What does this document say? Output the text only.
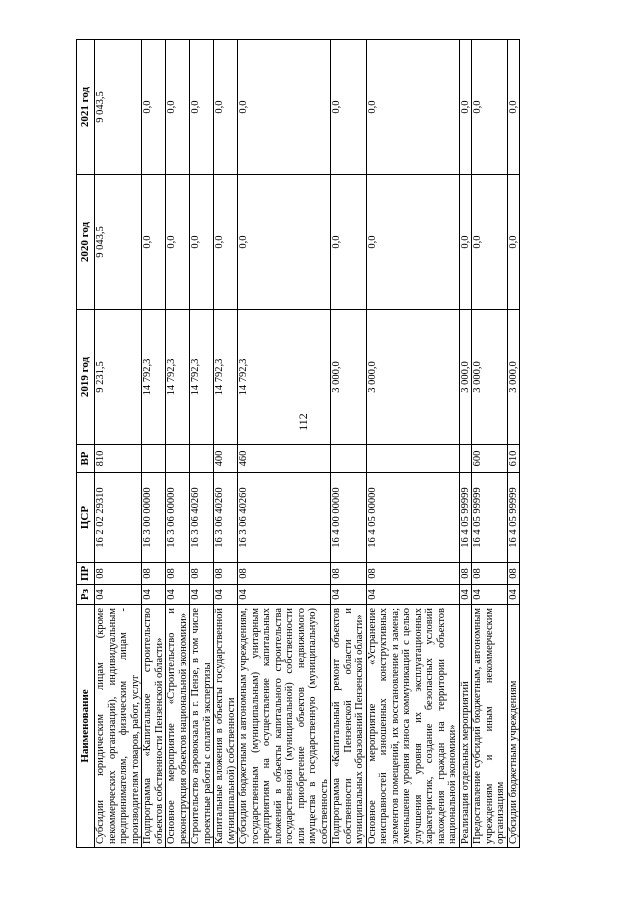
112
Наименование	Рз	ПР	ЦСР	ВР	2019 год	2020 год	2021 год
Субсидии юридическим лицам (кроме некоммерческих организаций), индивидуальным предпринимателям, физическим лицам - производителям товаров, работ, услуг	04	08	16 2 02 29310	810	9 231,5	9 043,5	9 043,5
Подпрограмма «Капитальное строительство объектов собственности Пензенской области»	04	08	16 3 00 00000		14 792,3	0,0	0,0
Основное мероприятие «Строительство и реконструкция объектов национальной экономики»	04	08	16 3 06 00000		14 792,3	0,0	0,0
Строительство аэровокзала в г. Пензе, в том числе проектные работы с оплатой экспертизы	04	08	16 3 06 40260		14 792,3	0,0	0,0
Капитальные вложения в объекты государственной (муниципальной) собственности	04	08	16 3 06 40260	400	14 792,3	0,0	0,0
Субсидии бюджетным и автономным учреждениям, государственным (муниципальным) унитарным предприятиям на осуществление капитальных вложений в объекты капитального строительства государственной (муниципальной) собственности или приобретение объектов недвижимого имущества в государственную (муниципальную) собственность	04	08	16 3 06 40260	460	14 792,3	0,0	0,0
Подпрограмма «Капитальный ремонт объектов собственности Пензенской области и муниципальных образований Пензенской области»	04	08	16 4 00 00000		3 000,0	0,0	0,0
Основное мероприятие «Устранение неисправностей изношенных конструктивных элементов помещений, их восстановление и замена; уменьшение уровня износа коммуникаций с целью улучшения уровня их эксплуатационных характеристик, создание безопасных условий нахождения граждан на территории объектов национальной экономики»	04	08	16 4 05 00000		3 000,0	0,0	0,0
Реализация отдельных мероприятий	04	08	16 4 05 99999		3 000,0	0,0	0,0
Предоставление субсидий бюджетным, автономным учреждениям и иным некоммерческим организациям	04	08	16 4 05 99999	600	3 000,0	0,0	0,0
Субсидии бюджетным учреждениям	04	08	16 4 05 99999	610	3 000,0	0,0	0,0
